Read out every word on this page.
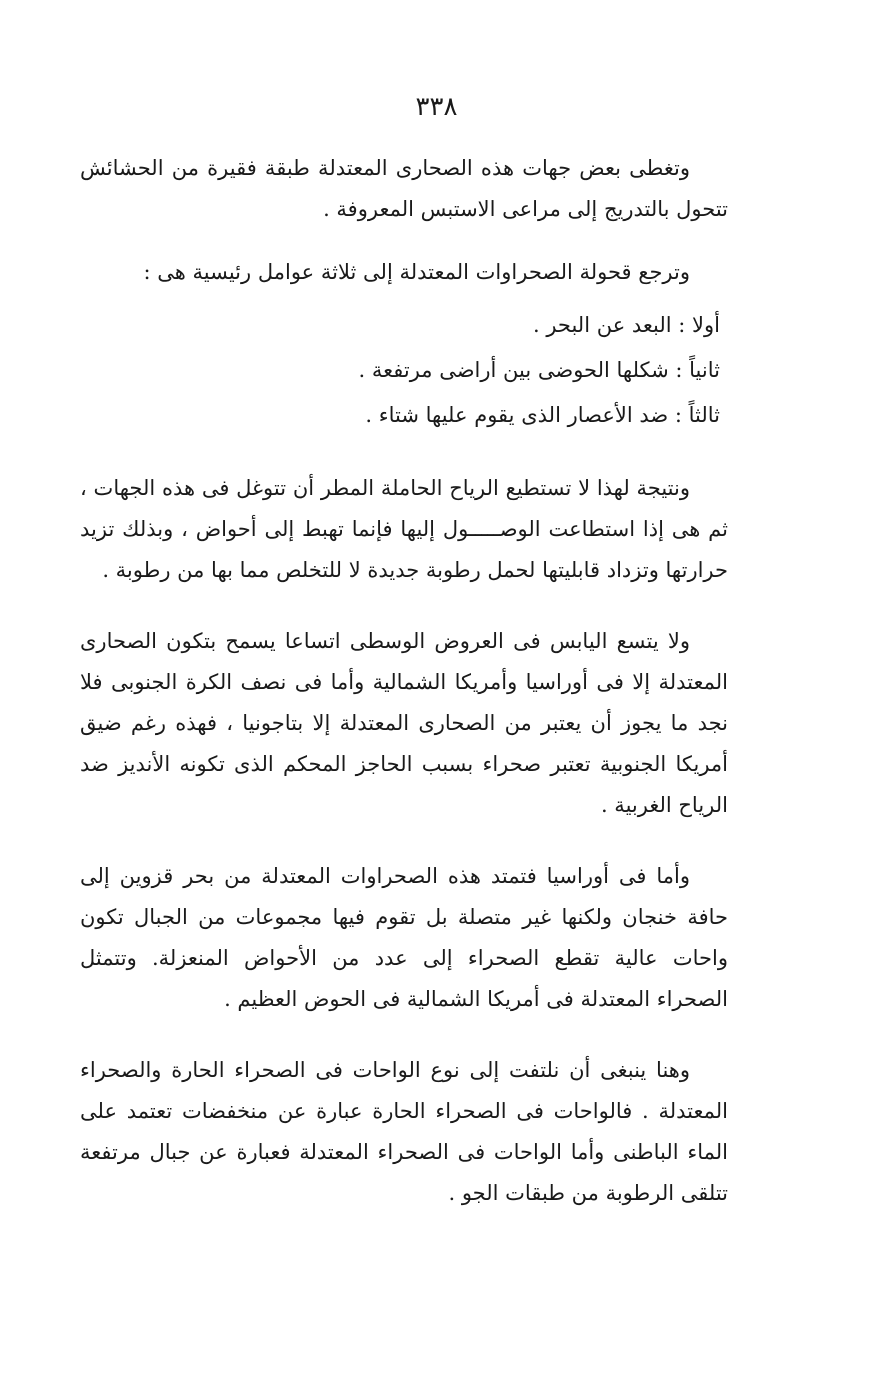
٣٣٨

وتغطى بعض جهات هذه الصحارى المعتدلة طبقة فقيرة من الحشائش تتحول بالتدريج إلى مراعى الاستبس المعروفة .

وترجع قحولة الصحراوات المعتدلة إلى ثلاثة عوامل رئيسية هى :

أولا : البعد عن البحر .
ثانياً : شكلها الحوضى بين أراضى مرتفعة .
ثالثاً : ضد الأعصار الذى يقوم عليها شتاء .

ونتيجة لهذا لا تستطيع الرياح الحاملة المطر أن تتوغل فى هذه الجهات ، ثم هى إذا استطاعت الوصـــــول إليها فإنما تهبط إلى أحواض ، وبذلك تزيد حرارتها وتزداد قابليتها لحمل رطوبة جديدة لا للتخلص مما بها من رطوبة .

ولا يتسع اليابس فى العروض الوسطى اتساعا يسمح بتكون الصحارى المعتدلة إلا فى أوراسيا وأمريكا الشمالية وأما فى نصف الكرة الجنوبى فلا نجد ما يجوز أن يعتبر من الصحارى المعتدلة إلا بتاجونيا ، فهذه رغم ضيق أمريكا الجنوبية تعتبر صحراء بسبب الحاجز المحكم الذى تكونه الأنديز ضد الرياح الغربية .

وأما فى أوراسيا فتمتد هذه الصحراوات المعتدلة من بحر قزوين إلى حافة خنجان ولكنها غير متصلة بل تقوم فيها مجموعات من الجبال تكون واحات عالية تقطع الصحراء إلى عدد من الأحواض المنعزلة. وتتمثل الصحراء المعتدلة فى أمريكا الشمالية فى الحوض العظيم .

وهنا ينبغى أن نلتفت إلى نوع الواحات فى الصحراء الحارة والصحراء المعتدلة . فالواحات فى الصحراء الحارة عبارة عن منخفضات تعتمد على الماء الباطنى وأما الواحات فى الصحراء المعتدلة فعبارة عن جبال مرتفعة تتلقى الرطوبة من طبقات الجو .
